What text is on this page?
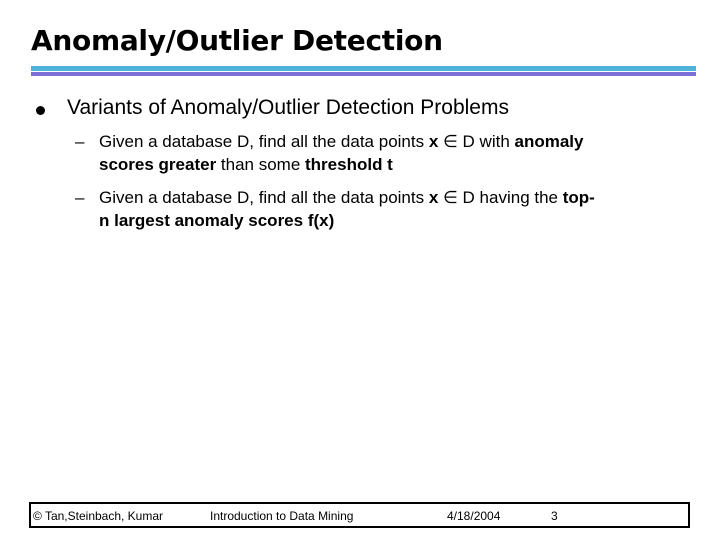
Anomaly/Outlier Detection
Variants of Anomaly/Outlier Detection Problems
– Given a database D, find all the data points x ∈ D with anomaly
scores greater than some threshold t
– Given a database D, find all the data points x ∈ D having the top-
n largest anomaly scores f(x)
© Tan,Steinbach, Kumar	Introduction to Data Mining	4/18/2004	3
